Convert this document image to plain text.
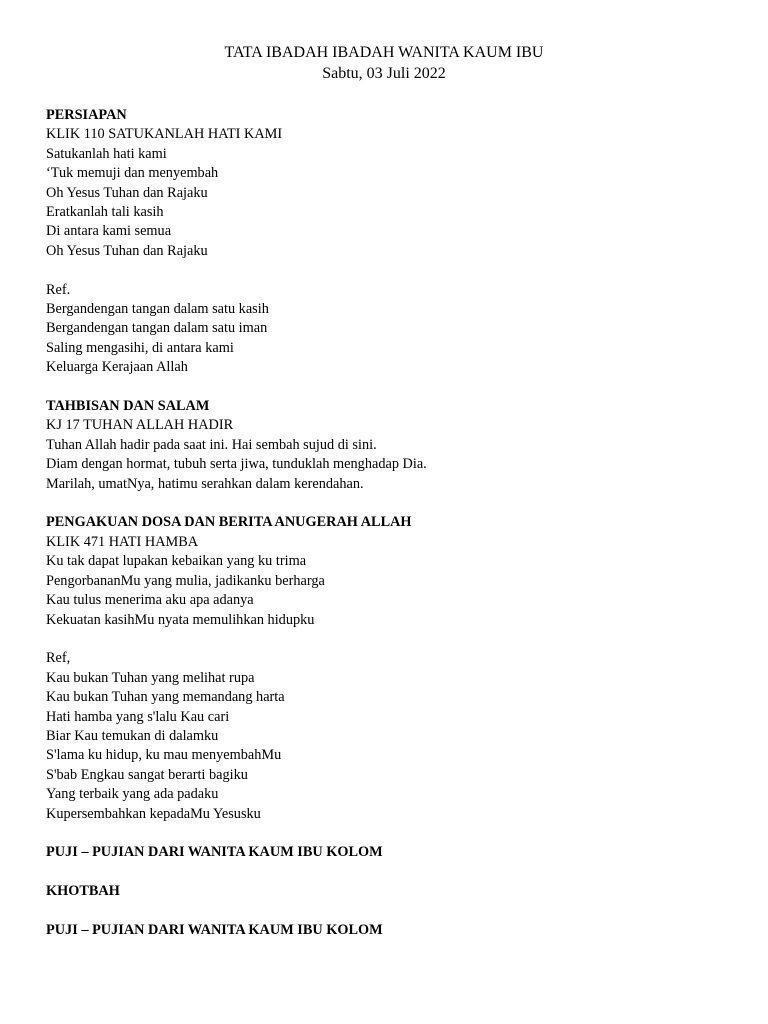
TATA IBADAH IBADAH WANITA KAUM IBU
Sabtu, 03 Juli 2022
PERSIAPAN
KLIK 110 SATUKANLAH HATI KAMI
Satukanlah hati kami
‘Tuk memuji dan menyembah
Oh Yesus Tuhan dan Rajaku
Eratkanlah tali kasih
Di antara kami semua
Oh Yesus Tuhan dan Rajaku
Ref.
Bergandengan tangan dalam satu kasih
Bergandengan tangan dalam satu iman
Saling mengasihi, di antara kami
Keluarga Kerajaan Allah
TAHBISAN DAN SALAM
KJ 17 TUHAN ALLAH HADIR
Tuhan Allah hadir pada saat ini. Hai sembah sujud di sini.
Diam dengan hormat, tubuh serta jiwa, tunduklah menghadap Dia.
Marilah, umatNya, hatimu serahkan dalam kerendahan.
PENGAKUAN DOSA DAN BERITA ANUGERAH ALLAH
KLIK 471 HATI HAMBA
Ku tak dapat lupakan kebaikan yang ku trima
PengorbananMu yang mulia, jadikanku berharga
Kau tulus menerima aku apa adanya
Kekuatan kasihMu nyata memulihkan hidupku
Ref,
Kau bukan Tuhan yang melihat rupa
Kau bukan Tuhan yang memandang harta
Hati hamba yang s'lalu Kau cari
Biar Kau temukan di dalamku
S'lama ku hidup, ku mau menyembahMu
S'bab Engkau sangat berarti bagiku
Yang terbaik yang ada padaku
Kupersembahkan kepadaMu Yesusku
PUJI – PUJIAN DARI WANITA KAUM IBU KOLOM
KHOTBAH
PUJI – PUJIAN DARI WANITA KAUM IBU KOLOM
